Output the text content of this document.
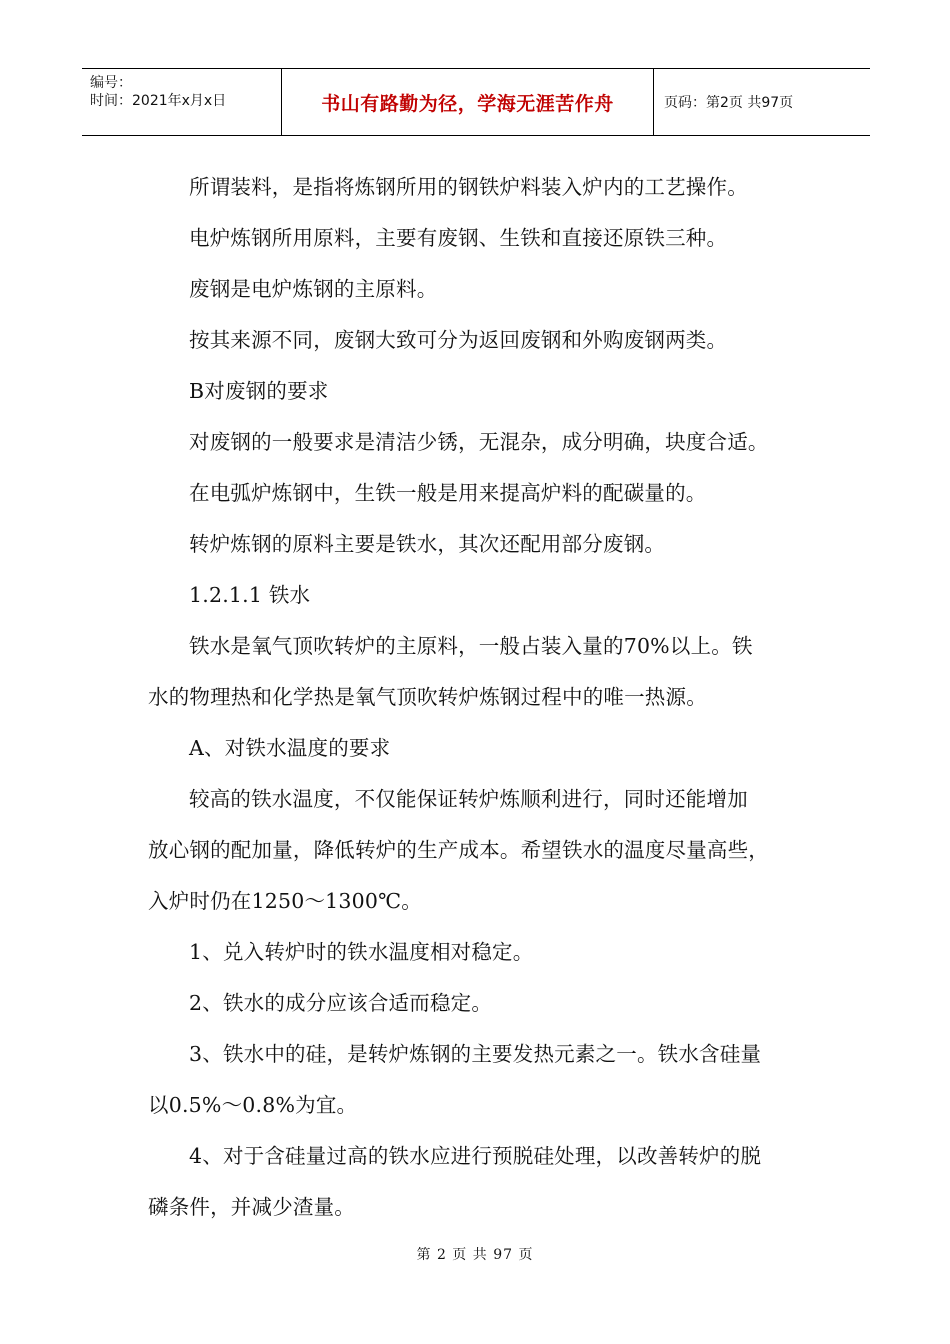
编号：
时间：2021年x月x日	书山有路勤为径，学海无涯苦作舟	页码：第2页 共97页

所谓装料，是指将炼钢所用的钢铁炉料装入炉内的工艺操作。

电炉炼钢所用原料，主要有废钢、生铁和直接还原铁三种。

废钢是电炉炼钢的主原料。

按其来源不同，废钢大致可分为返回废钢和外购废钢两类。

B对废钢的要求

对废钢的一般要求是清洁少锈，无混杂，成分明确，块度合适。

在电弧炉炼钢中，生铁一般是用来提高炉料的配碳量的。

转炉炼钢的原料主要是铁水，其次还配用部分废钢。

1.2.1.1 铁水

铁水是氧气顶吹转炉的主原料，一般占装入量的70%以上。铁

水的物理热和化学热是氧气顶吹转炉炼钢过程中的唯一热源。

A、对铁水温度的要求

较高的铁水温度，不仅能保证转炉炼顺利进行，同时还能增加

放心钢的配加量，降低转炉的生产成本。希望铁水的温度尽量高些，

入炉时仍在1250～1300℃。

1、兑入转炉时的铁水温度相对稳定。

2、铁水的成分应该合适而稳定。

3、铁水中的硅，是转炉炼钢的主要发热元素之一。铁水含硅量

以0.5%～0.8%为宜。

4、对于含硅量过高的铁水应进行预脱硅处理，以改善转炉的脱

磷条件，并减少渣量。

第 2 页 共 97 页
